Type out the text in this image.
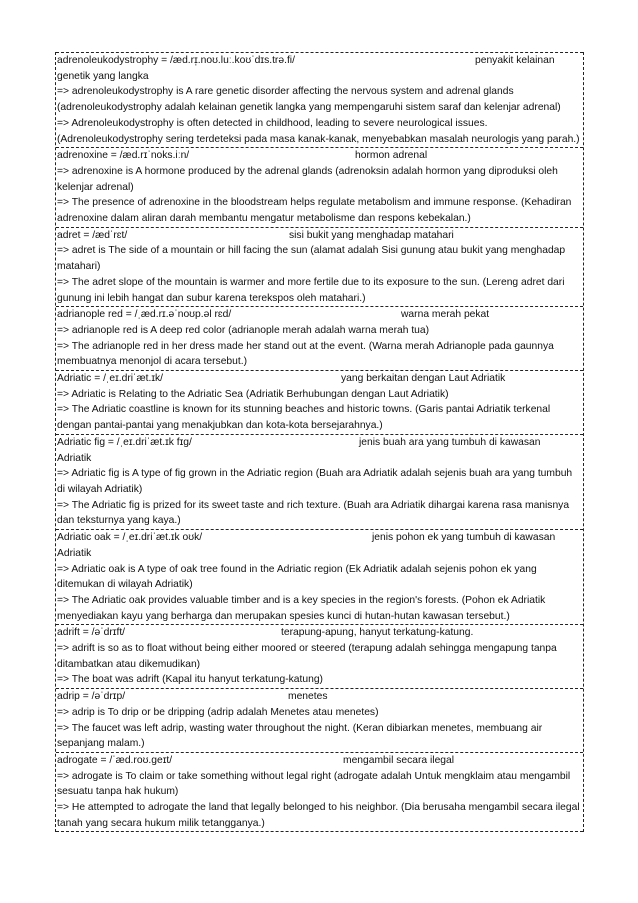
adrenoleukodystrophy = /æd.rɪ̩.noʊ.luː.koʊˈdɪs.trə.fi/	penyakit kelainan
genetik yang langka
=> adrenoleukodystrophy is A rare genetic disorder affecting the nervous system and adrenal glands (adrenoleukodystrophy adalah kelainan genetik langka yang mempengaruhi sistem saraf dan kelenjar adrenal)
=> Adrenoleukodystrophy is often detected in childhood, leading to severe neurological issues. (Adrenoleukodystrophy sering terdeteksi pada masa kanak-kanak, menyebabkan masalah neurologis yang parah.)
adrenoxine = /æd.rɪˈnoks.iːn/	hormon adrenal
=> adrenoxine is A hormone produced by the adrenal glands (adrenoksin adalah hormon yang diproduksi oleh kelenjar adrenal)
=> The presence of adrenoxine in the bloodstream helps regulate metabolism and immune response. (Kehadiran adrenoxine dalam aliran darah membantu mengatur metabolisme dan respons kebekalan.)
adret = /ædˈrɛt/	sisi bukit yang menghadap matahari
=> adret is The side of a mountain or hill facing the sun (alamat adalah Sisi gunung atau bukit yang menghadap matahari)
=> The adret slope of the mountain is warmer and more fertile due to its exposure to the sun. (Lereng adret dari gunung ini lebih hangat dan subur karena terekspos oleh matahari.)
adrianople red = /ˌæd.rɪ.əˈnoʊp.əl rɛd/	warna merah pekat
=> adrianople red is A deep red color (adrianople merah adalah warna merah tua)
=> The adrianople red in her dress made her stand out at the event. (Warna merah Adrianople pada gaunnya membuatnya menonjol di acara tersebut.)
Adriatic = /ˌeɪ.driˈæt.ɪk/	yang berkaitan dengan Laut Adriatik
=> Adriatic is Relating to the Adriatic Sea (Adriatik Berhubungan dengan Laut Adriatik)
=> The Adriatic coastline is known for its stunning beaches and historic towns. (Garis pantai Adriatik terkenal dengan pantai-pantai yang menakjubkan dan kota-kota bersejarahnya.)
Adriatic fig = /ˌeɪ.driˈæt.ɪk fɪɡ/	jenis buah ara yang tumbuh di kawasan
Adriatik
=> Adriatic fig is A type of fig grown in the Adriatic region (Buah ara Adriatik adalah sejenis buah ara yang tumbuh di wilayah Adriatik)
=> The Adriatic fig is prized for its sweet taste and rich texture. (Buah ara Adriatik dihargai karena rasa manisnya dan teksturnya yang kaya.)
Adriatic oak = /ˌeɪ.driˈæt.ɪk oʊk/	jenis pohon ek yang tumbuh di kawasan
Adriatik
=> Adriatic oak is A type of oak tree found in the Adriatic region (Ek Adriatik adalah sejenis pohon ek yang ditemukan di wilayah Adriatik)
=> The Adriatic oak provides valuable timber and is a key species in the region's forests. (Pohon ek Adriatik menyediakan kayu yang berharga dan merupakan spesies kunci di hutan-hutan kawasan tersebut.)
adrift = /əˈdrɪft/	terapung-apung, hanyut terkatung-katung.
=> adrift is so as to float without being either moored or steered (terapung adalah sehingga mengapung tanpa ditambatkan atau dikemudikan)
=> The boat was adrift (Kapal itu hanyut terkatung-katung)
adrip = /əˈdrɪp/	menetes
=> adrip is To drip or be dripping (adrip adalah Menetes atau menetes)
=> The faucet was left adrip, wasting water throughout the night. (Keran dibiarkan menetes, membuang air sepanjang malam.)
adrogate = /ˈæd.roʊ.ɡeɪt/	mengambil secara ilegal
=> adrogate is To claim or take something without legal right (adrogate adalah Untuk mengklaim atau mengambil sesuatu tanpa hak hukum)
=> He attempted to adrogate the land that legally belonged to his neighbor. (Dia berusaha mengambil secara ilegal tanah yang secara hukum milik tetangganya.)
